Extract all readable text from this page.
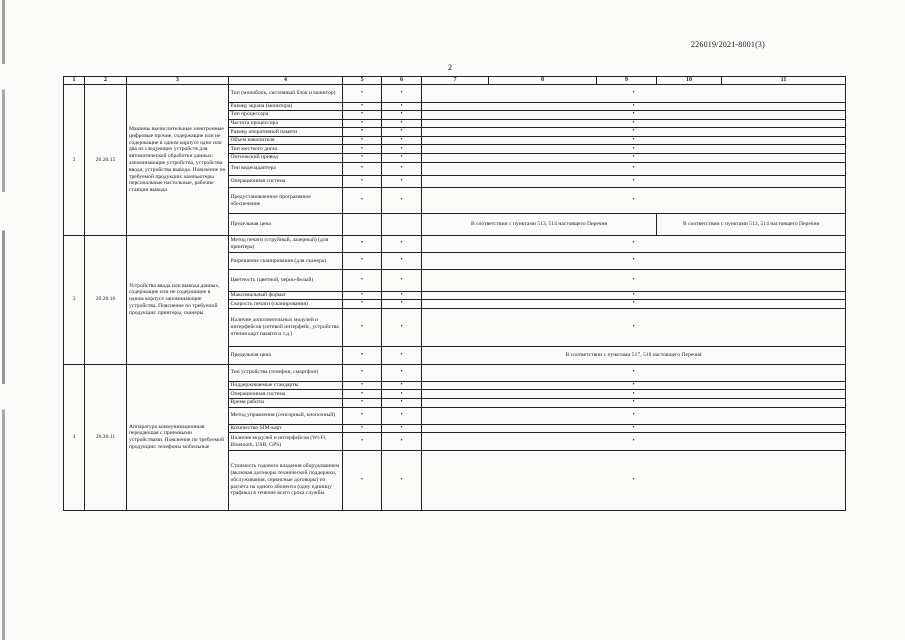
226019/2021-8001(3)
2
1	2	3	4	5	6	7	8	9	10	11	
2	26.20.15	Машины вычислительные электронные цифровые прочие, содержащие или не содержащие в одном корпусе одно или два из следующих устройств для автоматической обработки данных: запоминающие устройства, устройства ввода, устройства вывода. Пояснение по требуемой продукции: компьютеры персональные настольные, рабочие станции вывода	Тип (моноблок, системный блок и монитор)	•	•	•	
			Размер экрана (монитора)	•	•	•					
			Тип процессора	•	•	•					
			Частота процессора	•	•	•					
			Размер оперативной памяти	•	•	•					
			Объем накопителя	•	•	•					
			Тип жесткого диска	•	•	•					
			Оптический привод	•	•	•					
			Тип видеоадаптера	•	•	•					
			Операционная система	•	•	•					
			Предустановленное программное обеспечение	•	•	•					
			Предельная цена			В соответствии с пунктами 513, 514 настоящего Перечня			В соответствии с пунктами 513, 514 настоящего Перечня		
3	26.20.16	Устройства ввода или вывода данных, содержащие или не содержащие в одном корпусе запоминающие устройства. Пояснение по требуемой продукции: принтеры, сканеры	Метод печати (струйный, лазерный) (для принтера)	•	•	•	
			Разрешение сканирования (для сканера)	•	•	•					
			Цветность (цветной, черно-белый)	•	•	•					
			Максимальный формат	•	•	•					
			Скорость печати (сканирования)	•	•	•					
			Наличие дополнительных модулей и интерфейсов (сетевой интерфейс, устройства чтения карт памяти и т.д.)	•	•	•					
			Предельная цена	•	•	В соответствии с пунктами 517, 518 настоящего Перечня					
4	26.30.11	Аппаратура коммуникационная передающая с приемными устройствами. Пояснение по требуемой продукции: телефоны мобильные	Тип устройства (телефон, смартфон)	•	•	•	
			Поддерживаемые стандарты	•	•	•					
			Операционная система	•	•	•					
			Время работы	•	•	•					
			Метод управления (сенсорный, кнопочный)	•	•	•					
			Количество SIM-карт	•	•	•					
			Наличие модулей и интерфейсов (Wi-Fi, Bluetooth, USB, GPS)	•	•	•					
			Стоимость годового владения оборудованием (включая договоры технической поддержки, обслуживания, сервисные договоры) из расчета на одного абонента (одну единицу трафика) в течение всего срока службы	•	•	•					
